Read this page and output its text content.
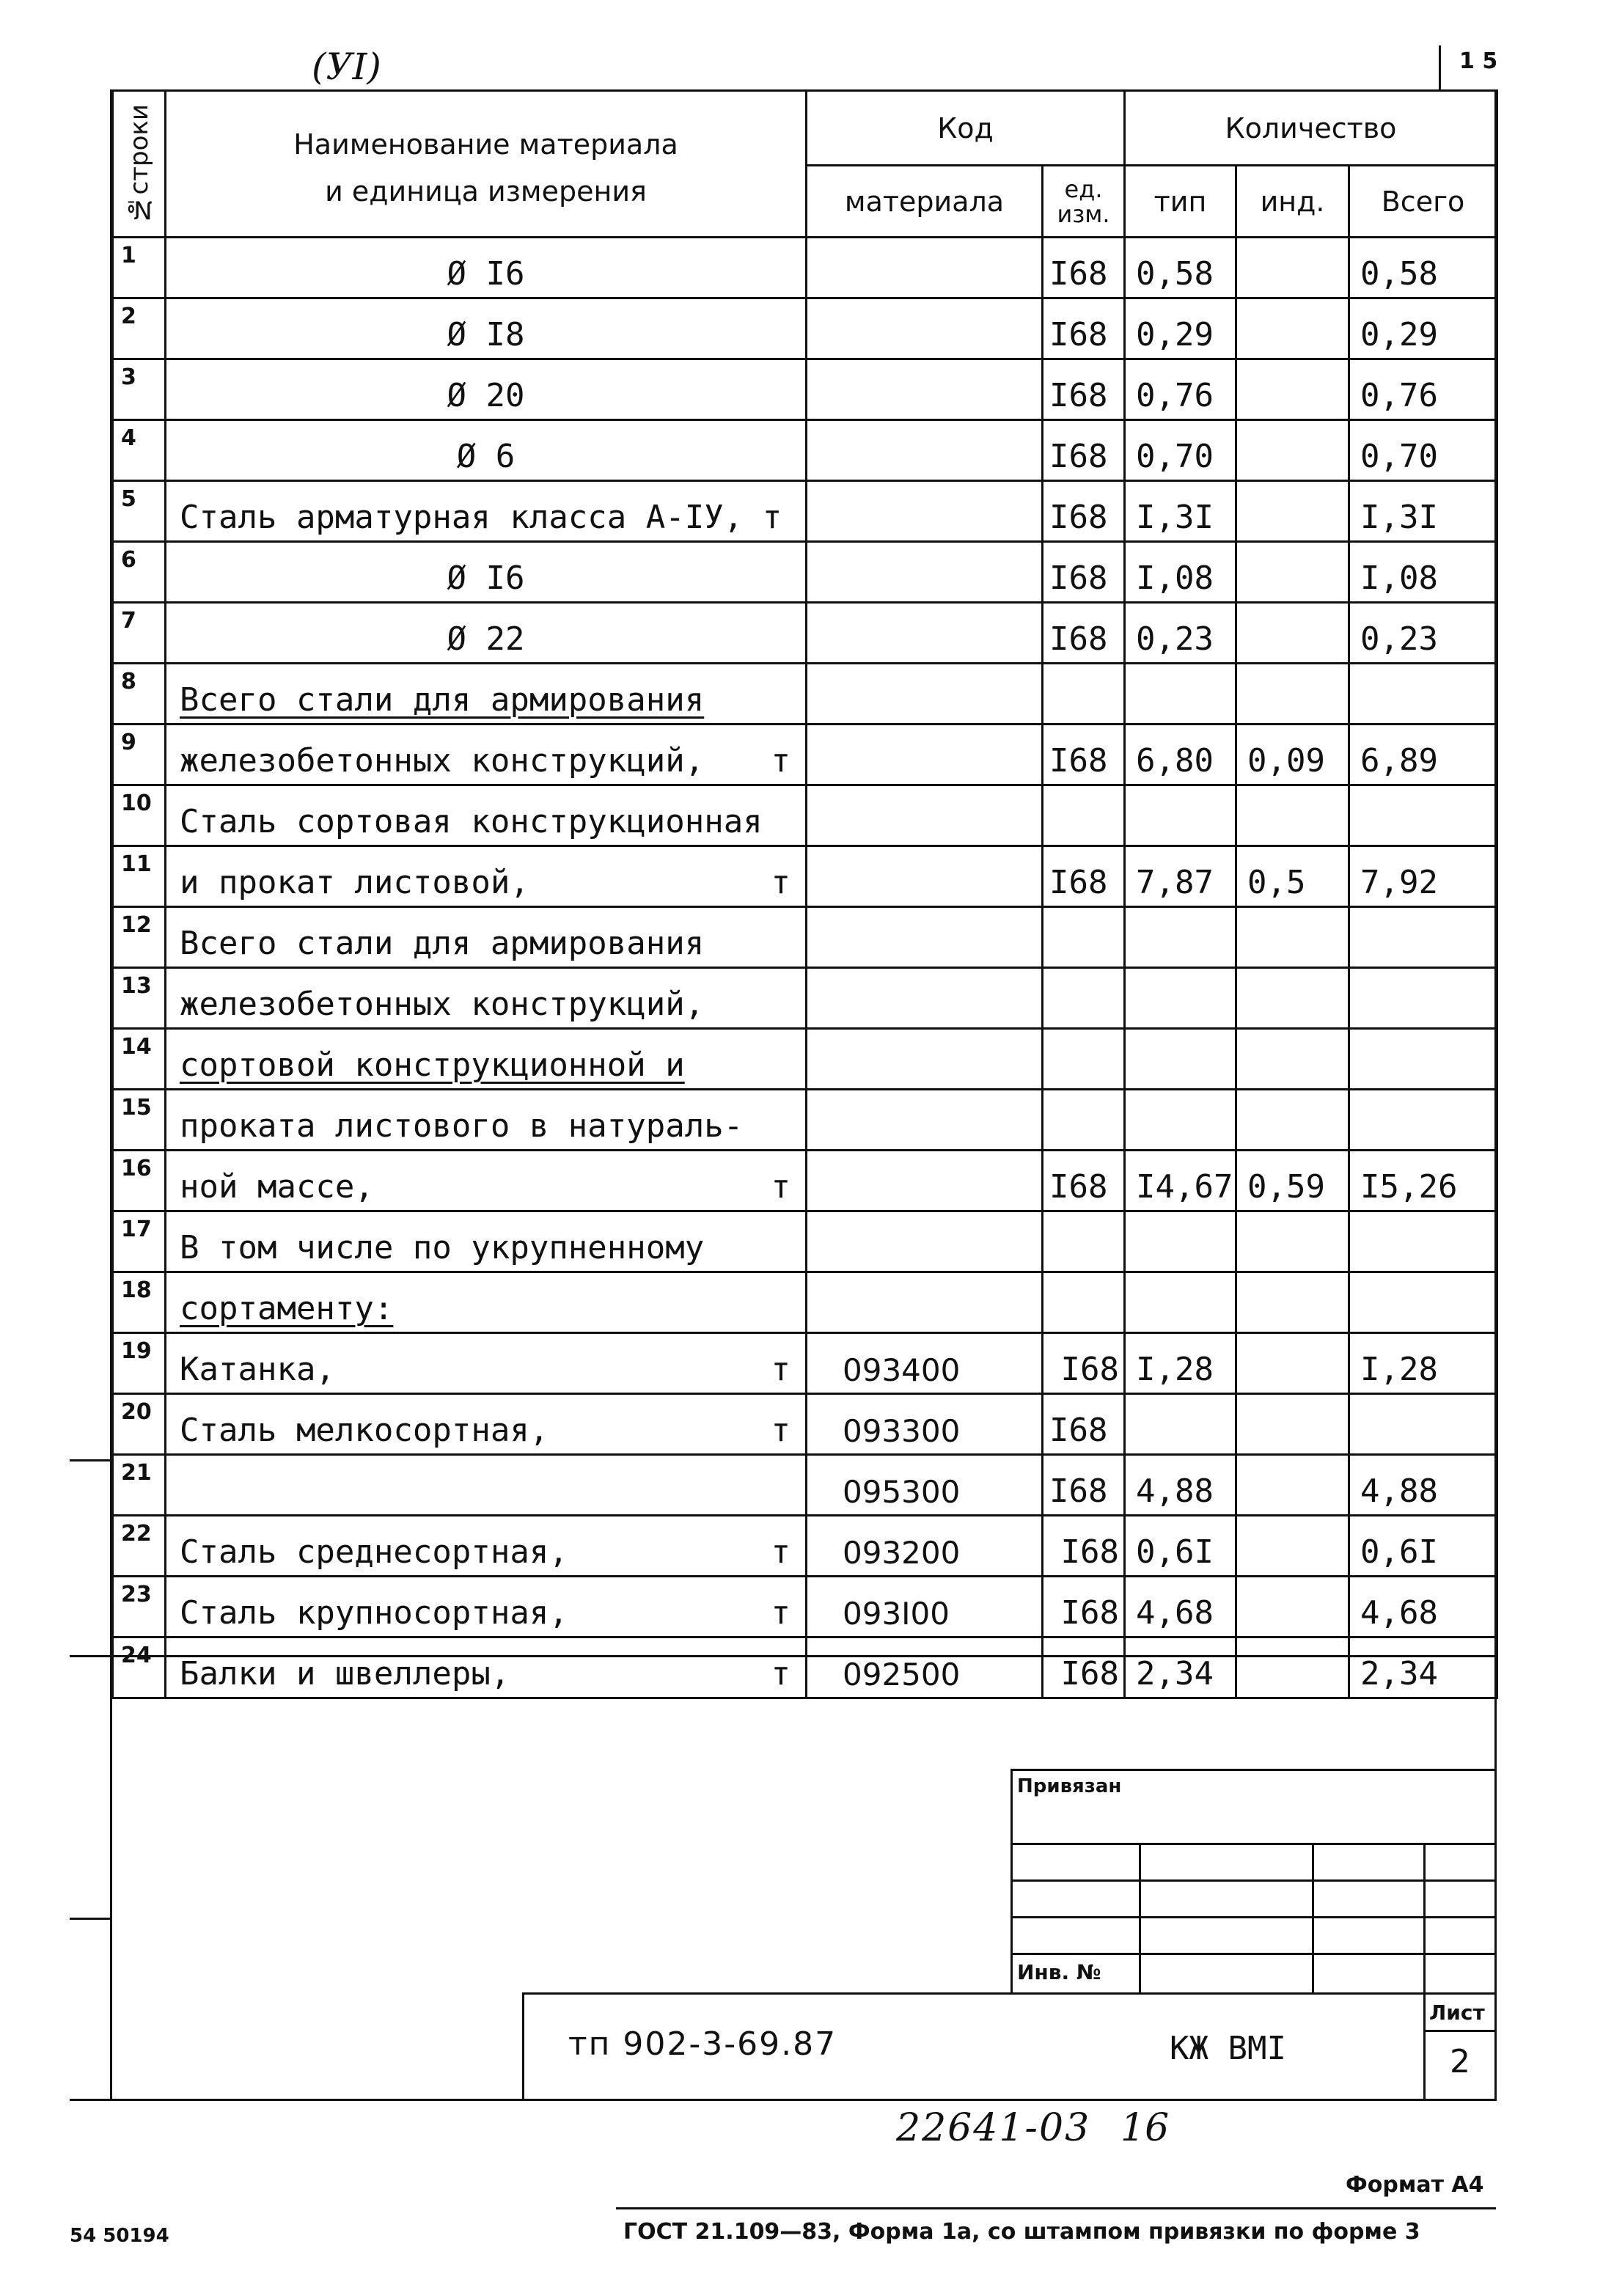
(УI)	1 5
№строки	Наименование материала
и единица измерения	Код		Количество		
		материала	ед. изм.	тип	инд.	Всего
1	Ø I6		I68	0,58		0,58
2	Ø I8		I68	0,29		0,29
3	Ø 20		I68	0,76		0,76
4	Ø 6		I68	0,70		0,70
5	Сталь арматурная класса А-IУ, т		I68	I,3I		I,3I
6	Ø I6		I68	I,08		I,08
7	Ø 22		I68	0,23		0,23
8	Всего стали для армирования					
9	железобетонных конструкций, т		I68	6,80	0,09	6,89
10	Сталь сортовая конструкционная					
11	и прокат листовой, т		I68	7,87	0,5	7,92
12	Всего стали для армирования					
13	железобетонных конструкций,					
14	сортовой конструкционной и					
15	проката листового в натураль-					
16	ной массе, т		I68	I4,67	0,59	I5,26
17	В том числе по укрупненному					
18	сортаменту:					
19	Катанка, т	093400	I68	I,28		I,28
20	Сталь мелкосортная, т	093300	I68			
21		095300	I68	4,88		4,88
22	Сталь среднесортная, т	093200	I68	0,6I		0,6I
23	Сталь крупносортная, т	093I00	I68	4,68		4,68
24	Балки и швеллеры, т	092500	I68	2,34		2,34
Привязан
Инв. №
тп 902-3-69.87	КЖ ВМI
Лист
2
22641-03 16
Формат А4
54 50194	ГОСТ 21.109—83, Форма 1а, со штампом привязки по форме 3
